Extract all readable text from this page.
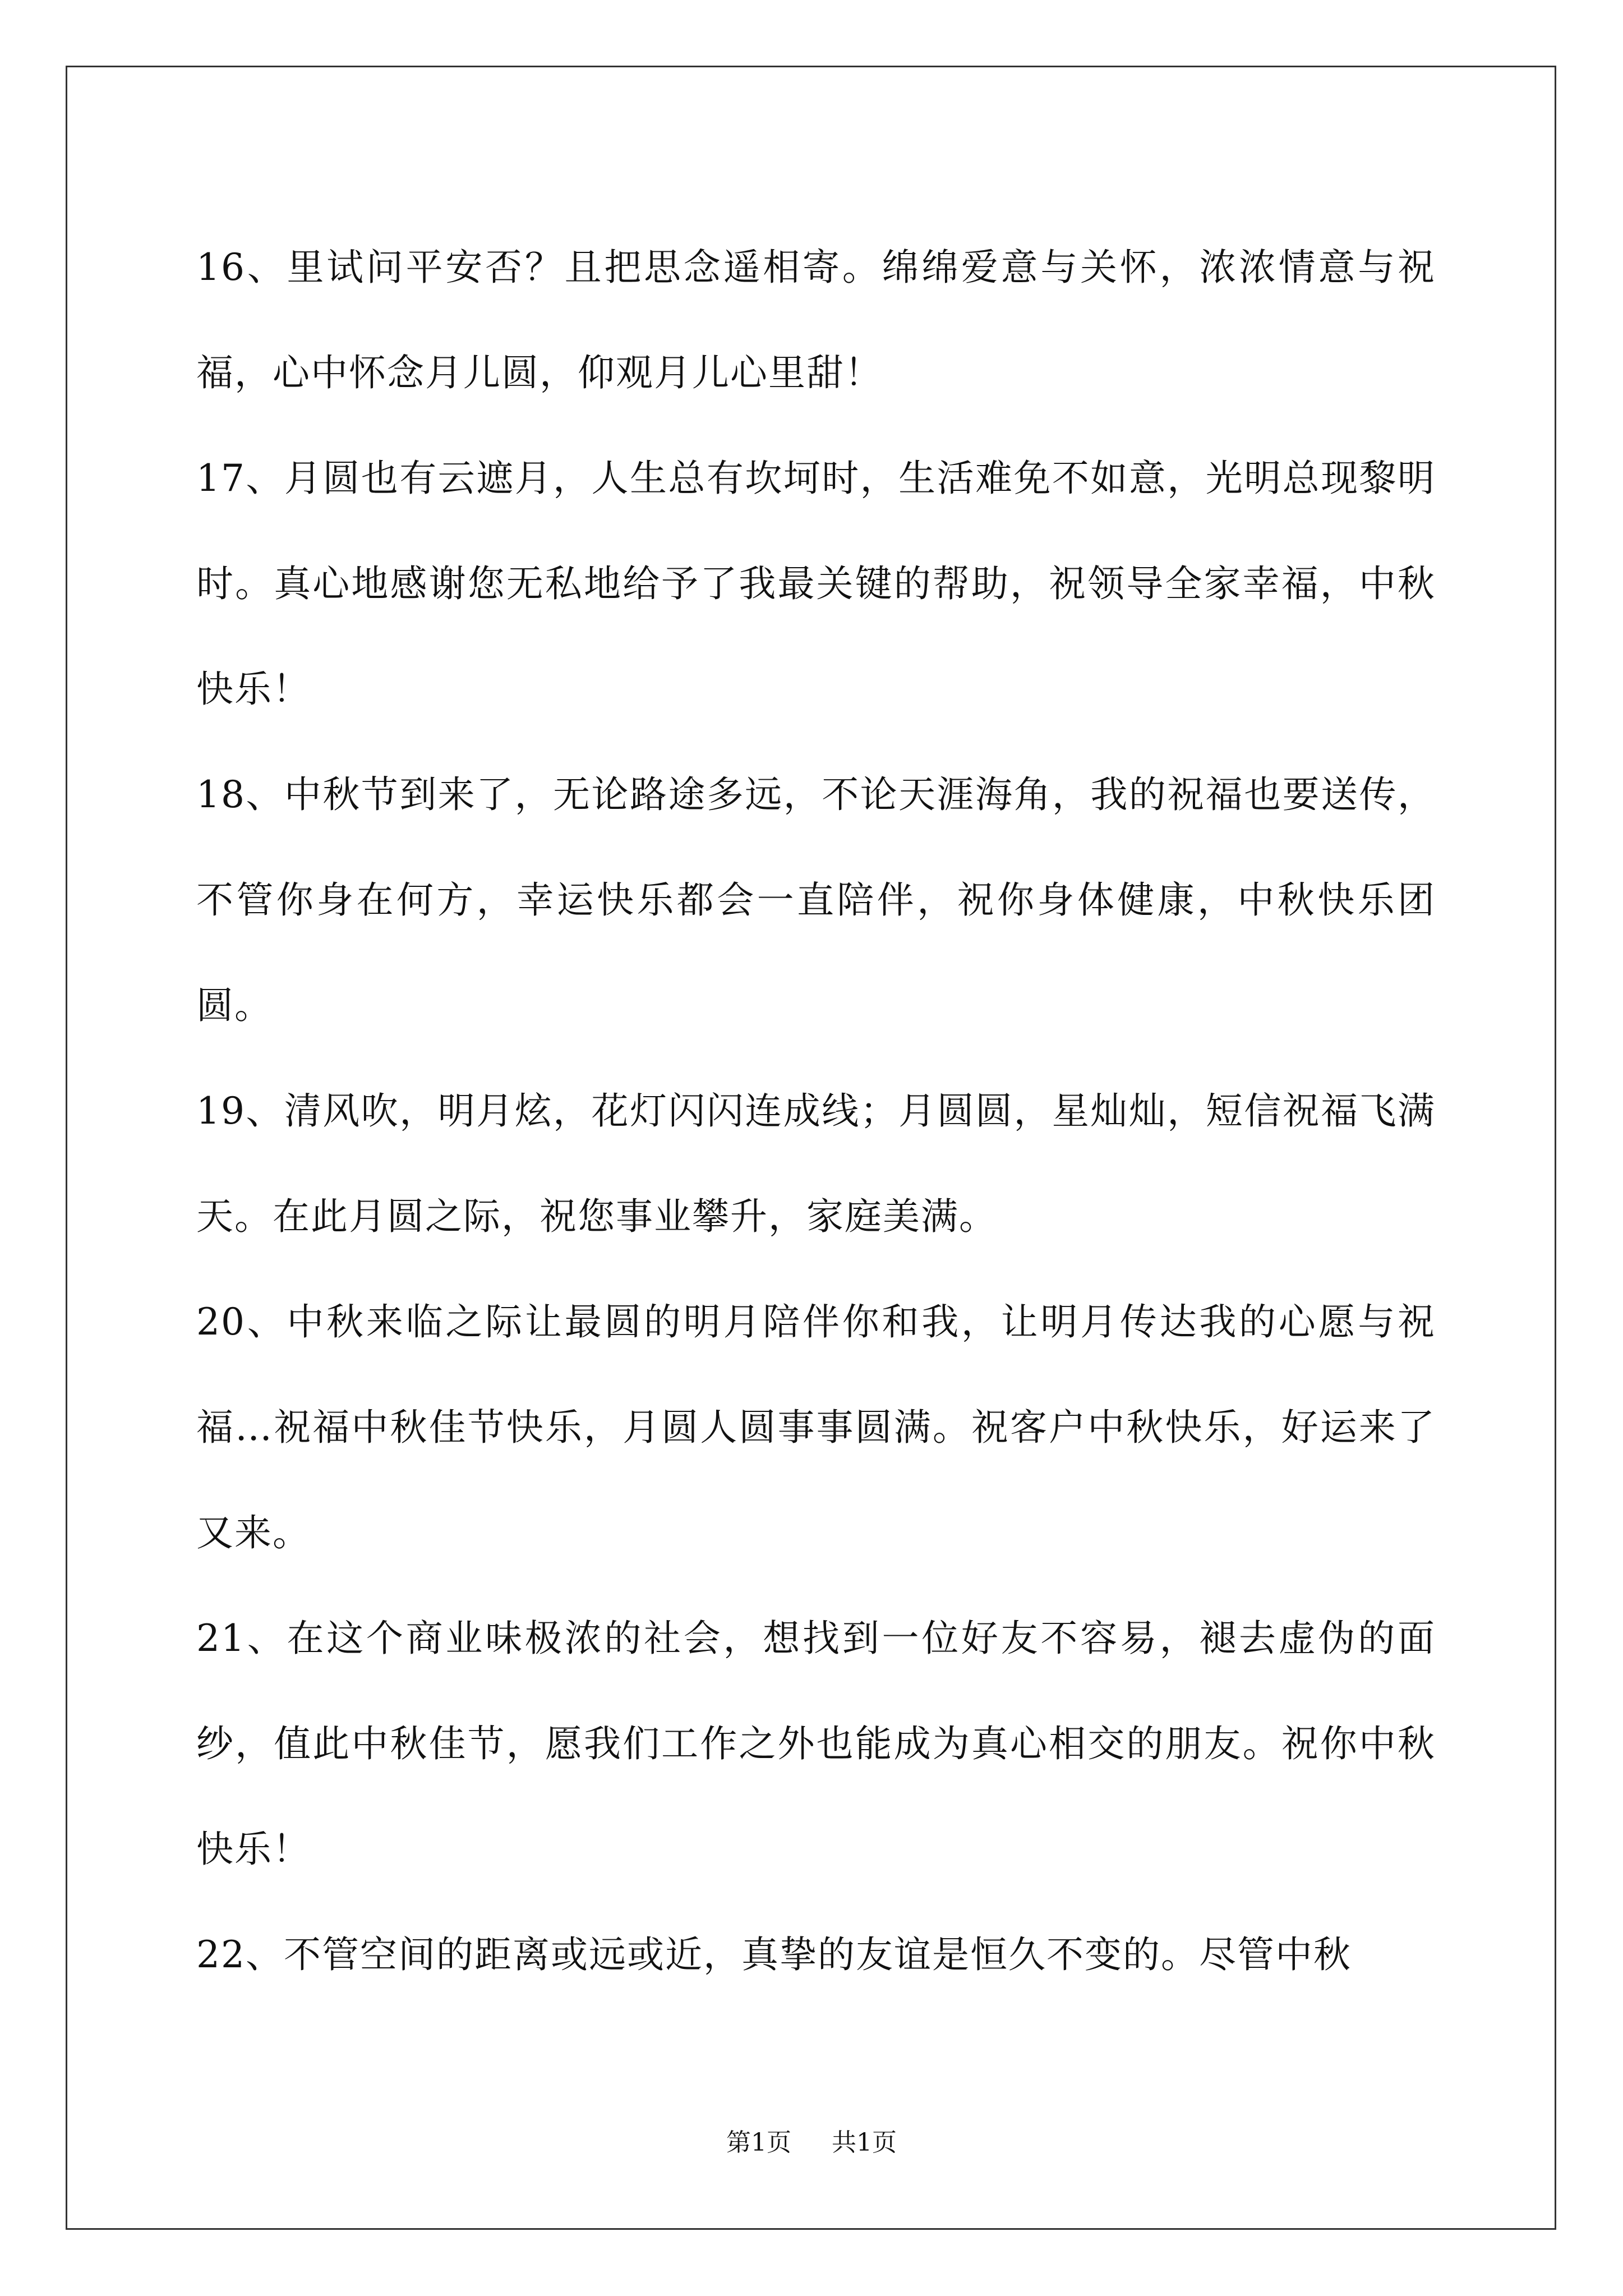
16、里试问平安否？且把思念遥相寄。绵绵爱意与关怀，浓浓情意与祝福，心中怀念月儿圆，仰观月儿心里甜！

17、月圆也有云遮月，人生总有坎坷时，生活难免不如意，光明总现黎明时。真心地感谢您无私地给予了我最关键的帮助，祝领导全家幸福，中秋快乐！

18、中秋节到来了，无论路途多远，不论天涯海角，我的祝福也要送传，不管你身在何方，幸运快乐都会一直陪伴，祝你身体健康，中秋快乐团圆。

19、清风吹，明月炫，花灯闪闪连成线；月圆圆，星灿灿，短信祝福飞满天。在此月圆之际，祝您事业攀升，家庭美满。

20、中秋来临之际让最圆的明月陪伴你和我，让明月传达我的心愿与祝福…祝福中秋佳节快乐，月圆人圆事事圆满。祝客户中秋快乐，好运来了又来。

21、在这个商业味极浓的社会，想找到一位好友不容易，褪去虚伪的面纱，值此中秋佳节，愿我们工作之外也能成为真心相交的朋友。祝你中秋快乐！

22、不管空间的距离或远或近，真挚的友谊是恒久不变的。尽管中秋

第1页 共1页
